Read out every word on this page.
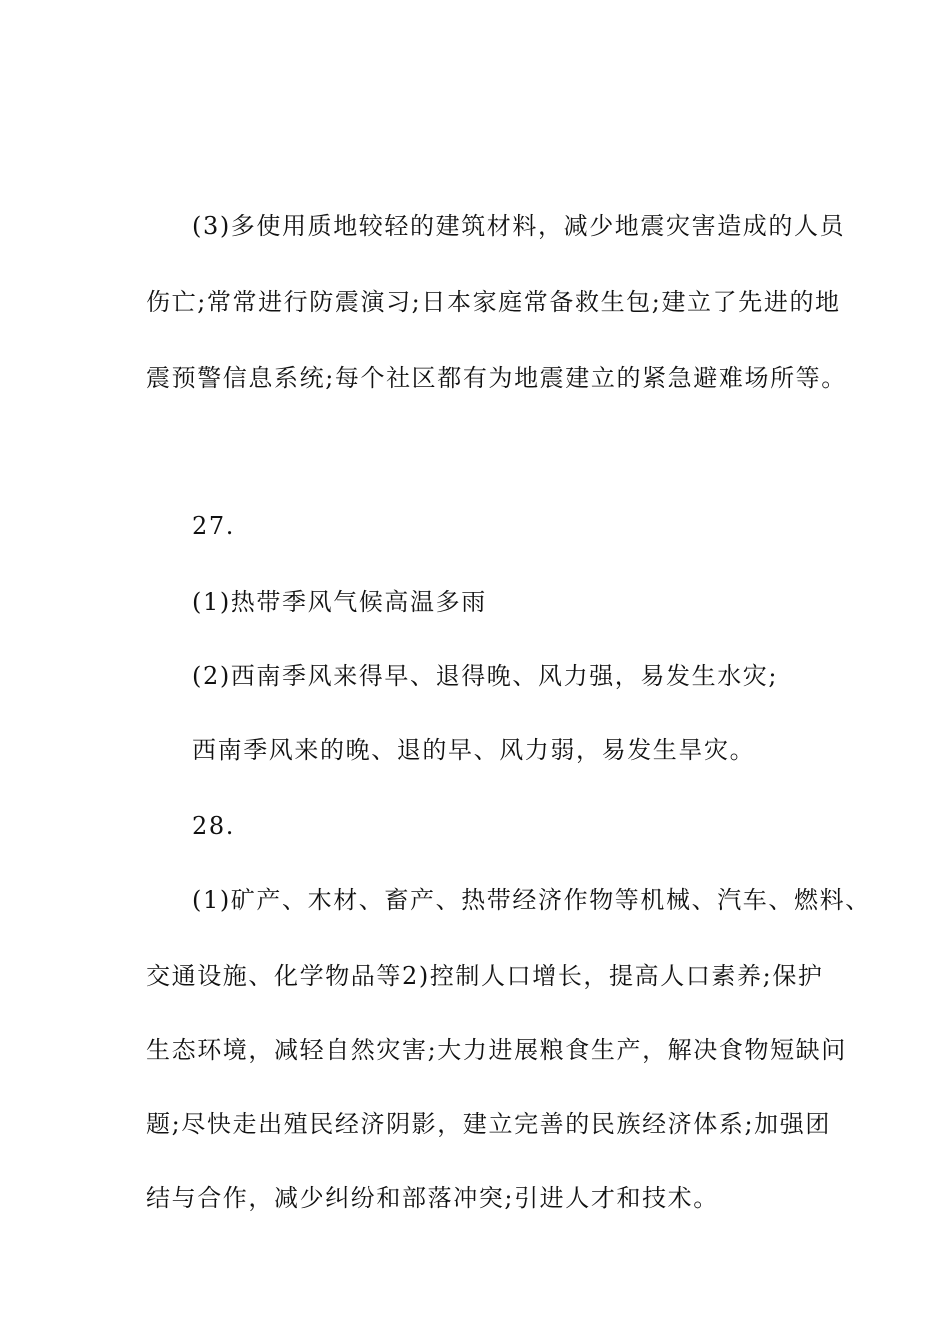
(3)多使用质地较轻的建筑材料，减少地震灾害造成的人员
伤亡;常常进行防震演习;日本家庭常备救生包;建立了先进的地
震预警信息系统;每个社区都有为地震建立的紧急避难场所等。
27.
(1)热带季风气候高温多雨
(2)西南季风来得早、退得晚、风力强，易发生水灾;
西南季风来的晚、退的早、风力弱，易发生旱灾。
28.
(1)矿产、木材、畜产、热带经济作物等机械、汽车、燃料、
交通设施、化学物品等2)控制人口增长，提高人口素养;保护
生态环境，减轻自然灾害;大力进展粮食生产，解决食物短缺问
题;尽快走出殖民经济阴影，建立完善的民族经济体系;加强团
结与合作，减少纠纷和部落冲突;引进人才和技术。
